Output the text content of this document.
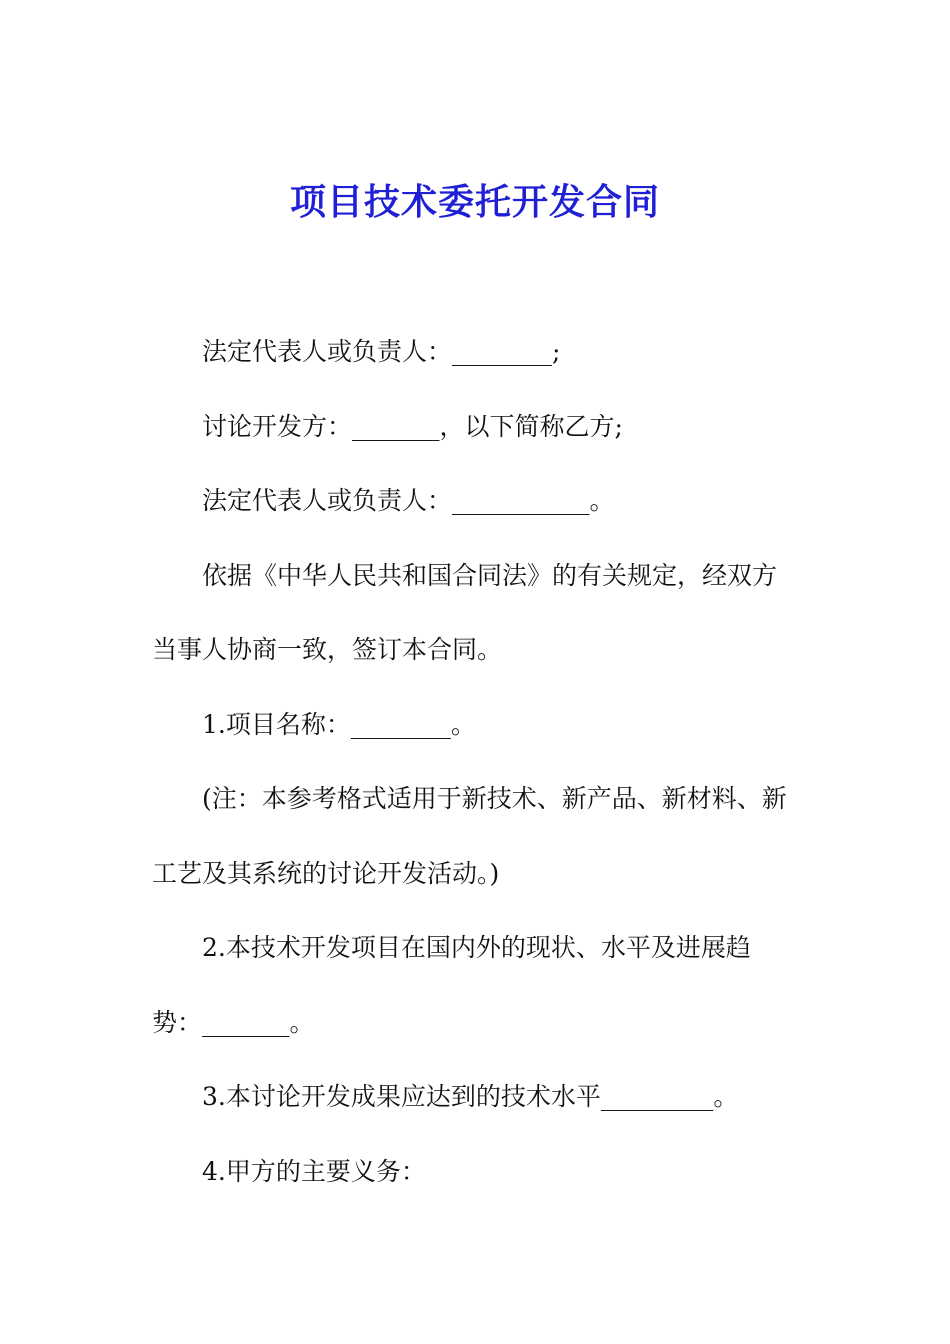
项目技术委托开发合同
法定代表人或负责人：________;
讨论开发方：_______，以下简称乙方;
法定代表人或负责人：___________。
依据《中华人民共和国合同法》的有关规定，经双方
当事人协商一致，签订本合同。
1.项目名称：________。
(注：本参考格式适用于新技术、新产品、新材料、新
工艺及其系统的讨论开发活动。)
2.本技术开发项目在国内外的现状、水平及进展趋
势：_______。
3.本讨论开发成果应达到的技术水平_________。
4.甲方的主要义务：
